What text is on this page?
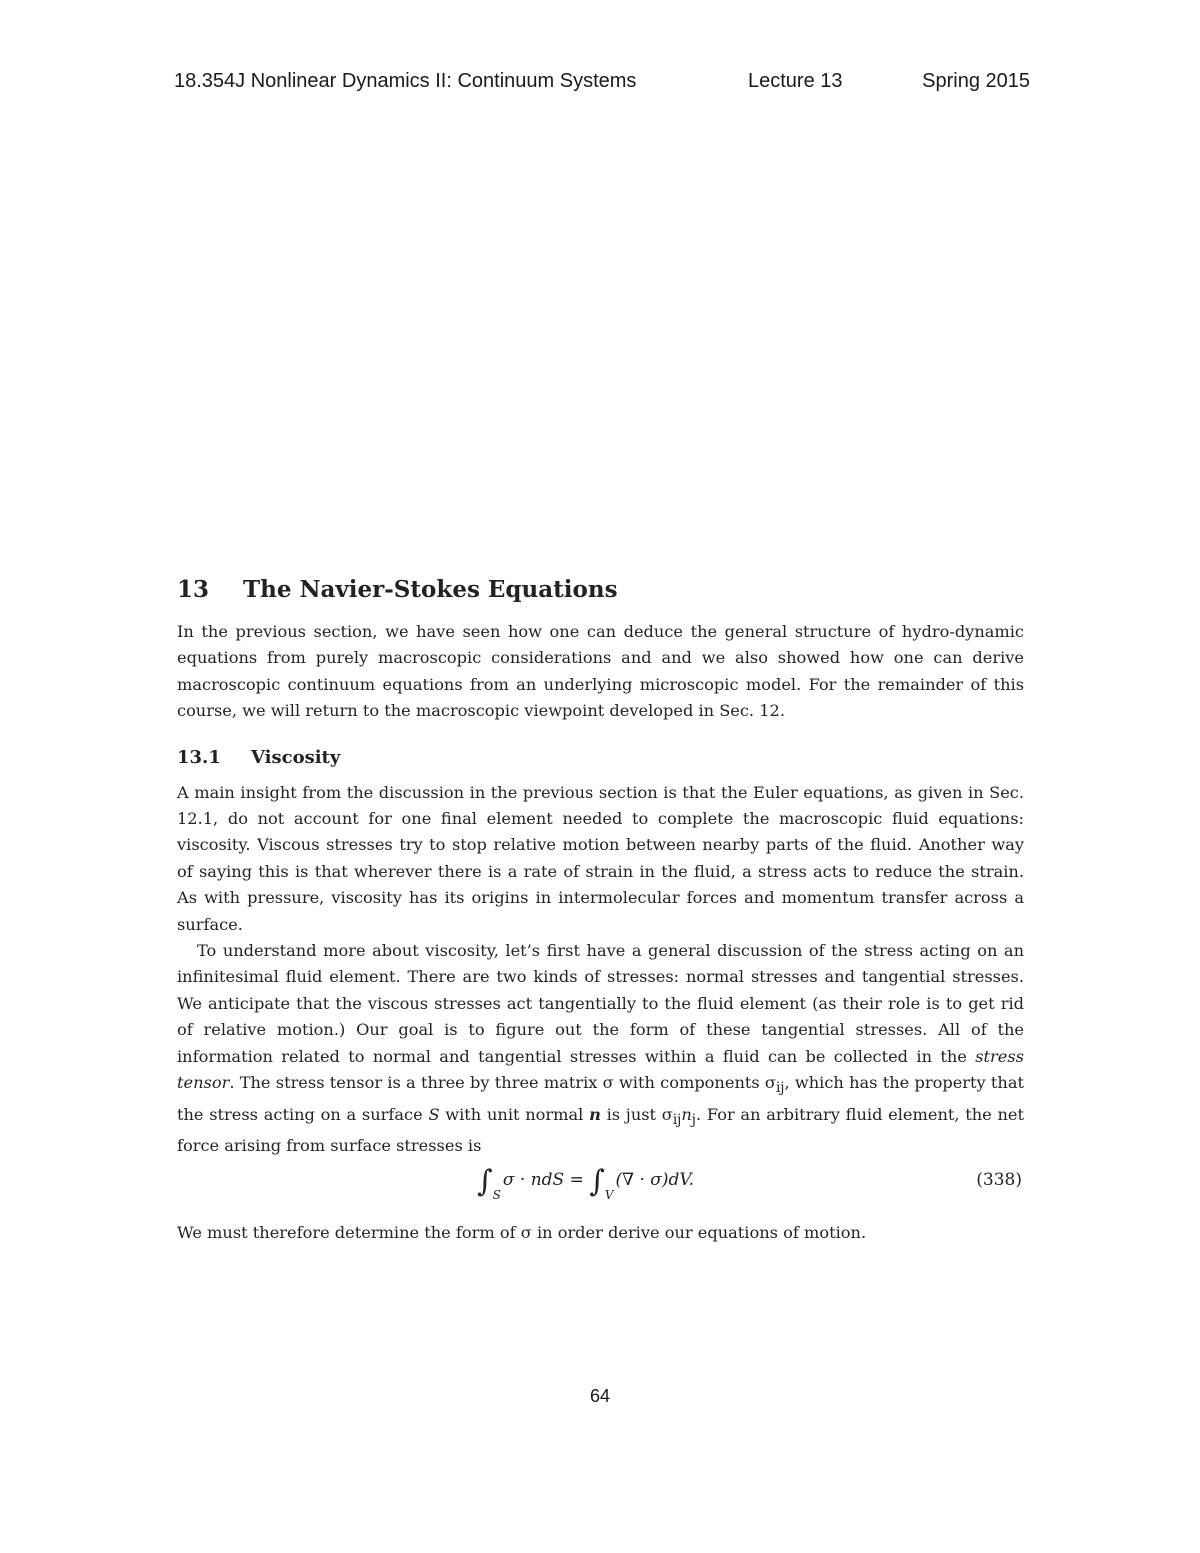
18.354J Nonlinear Dynamics II: Continuum Systems	Lecture 13	Spring 2015
13 The Navier-Stokes Equations

In the previous section, we have seen how one can deduce the general structure of hydro-dynamic equations from purely macroscopic considerations and and we also showed how one can derive macroscopic continuum equations from an underlying microscopic model. For the remainder of this course, we will return to the macroscopic viewpoint developed in Sec. 12.

13.1 Viscosity

A main insight from the discussion in the previous section is that the Euler equations, as given in Sec. 12.1, do not account for one final element needed to complete the macroscopic fluid equations: viscosity. Viscous stresses try to stop relative motion between nearby parts of the fluid. Another way of saying this is that wherever there is a rate of strain in the fluid, a stress acts to reduce the strain. As with pressure, viscosity has its origins in intermolecular forces and momentum transfer across a surface.

To understand more about viscosity, let’s first have a general discussion of the stress acting on an infinitesimal fluid element. There are two kinds of stresses: normal stresses and tangential stresses. We anticipate that the viscous stresses act tangentially to the fluid element (as their role is to get rid of relative motion.) Our goal is to figure out the form of these tangential stresses. All of the information related to normal and tangential stresses within a fluid can be collected in the stress tensor. The stress tensor is a three by three matrix σ with components $\sigma_{ij}$, which has the property that the stress acting on a surface S with unit normal n is just $\sigma_{ij}n_j$. For an arbitrary fluid element, the net force arising from surface stresses is

$\int_S\sigma$ · ndS = $\int_V(\nabla \cdot \sigma)dV$.	(338)

We must therefore determine the form of σ in order derive our equations of motion.

64
